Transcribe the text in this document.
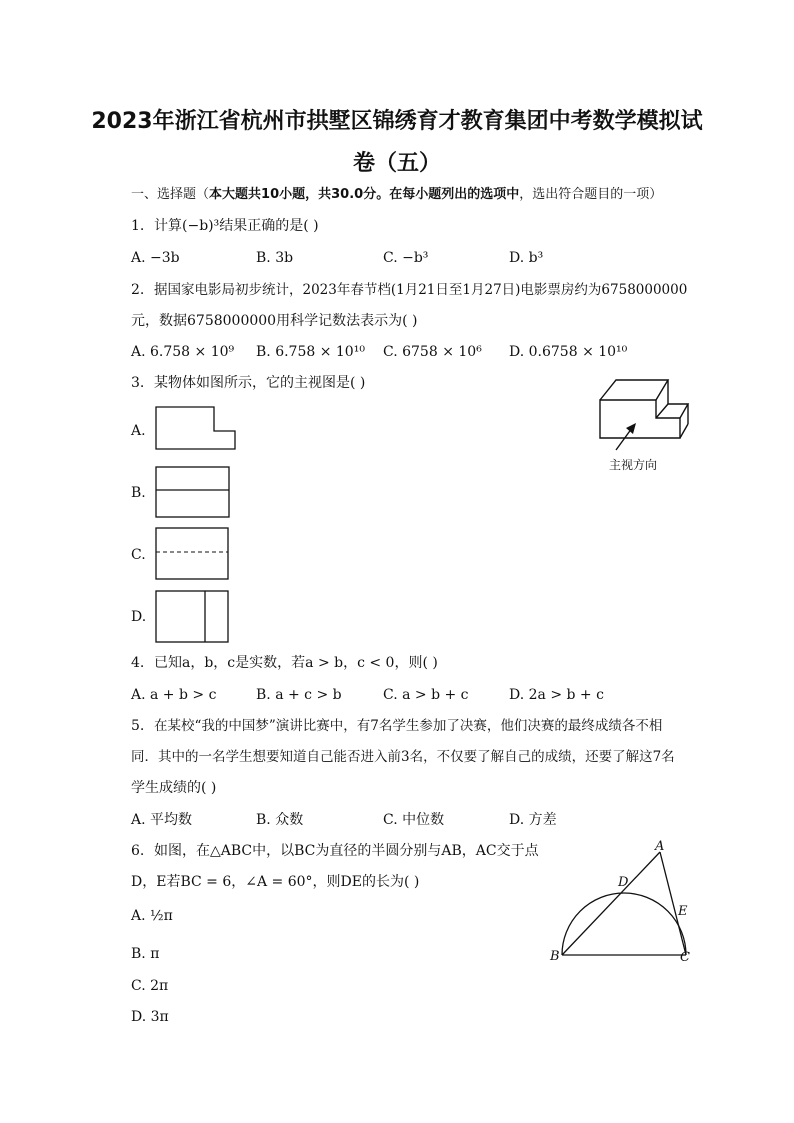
2023年浙江省杭州市拱墅区锦绣育才教育集团中考数学模拟试
卷（五）
一、选择题（本大题共10小题，共30.0分。在每小题列出的选项中，选出符合题目的一项）
1. 计算(−b)³结果正确的是( )
A. −3b	B. 3b	C. −b³	D. b³
2. 据国家电影局初步统计，2023年春节档(1月21日至1月27日)电影票房约为6758000000
元，数据6758000000用科学记数法表示为( )
A. 6.758 × 10⁹ B. 6.758 × 10¹⁰ C. 6758 × 10⁶ D. 0.6758 × 10¹⁰
3. 某物体如图所示，它的主视图是( )
主视方向
A.
B.
C.
D.
4. 已知a，b，c是实数，若a > b，c < 0，则( )
A. a + b > c	B. a + c > b	C. a > b + c	D. 2a > b + c
5. 在某校“我的中国梦”演讲比赛中，有7名学生参加了决赛，他们决赛的最终成绩各不相
同．其中的一名学生想要知道自己能否进入前3名，不仅要了解自己的成绩，还要了解这7名
学生成绩的( )
A. 平均数	B. 众数	C. 中位数	D. 方差
6. 如图，在△ABC中，以BC为直径的半圆分别与AB，AC交于点
D，E若BC = 6，∠A = 60°，则DE的长为( )
A. ½π
B. π
C. 2π
D. 3π
A
B	C
D
E
